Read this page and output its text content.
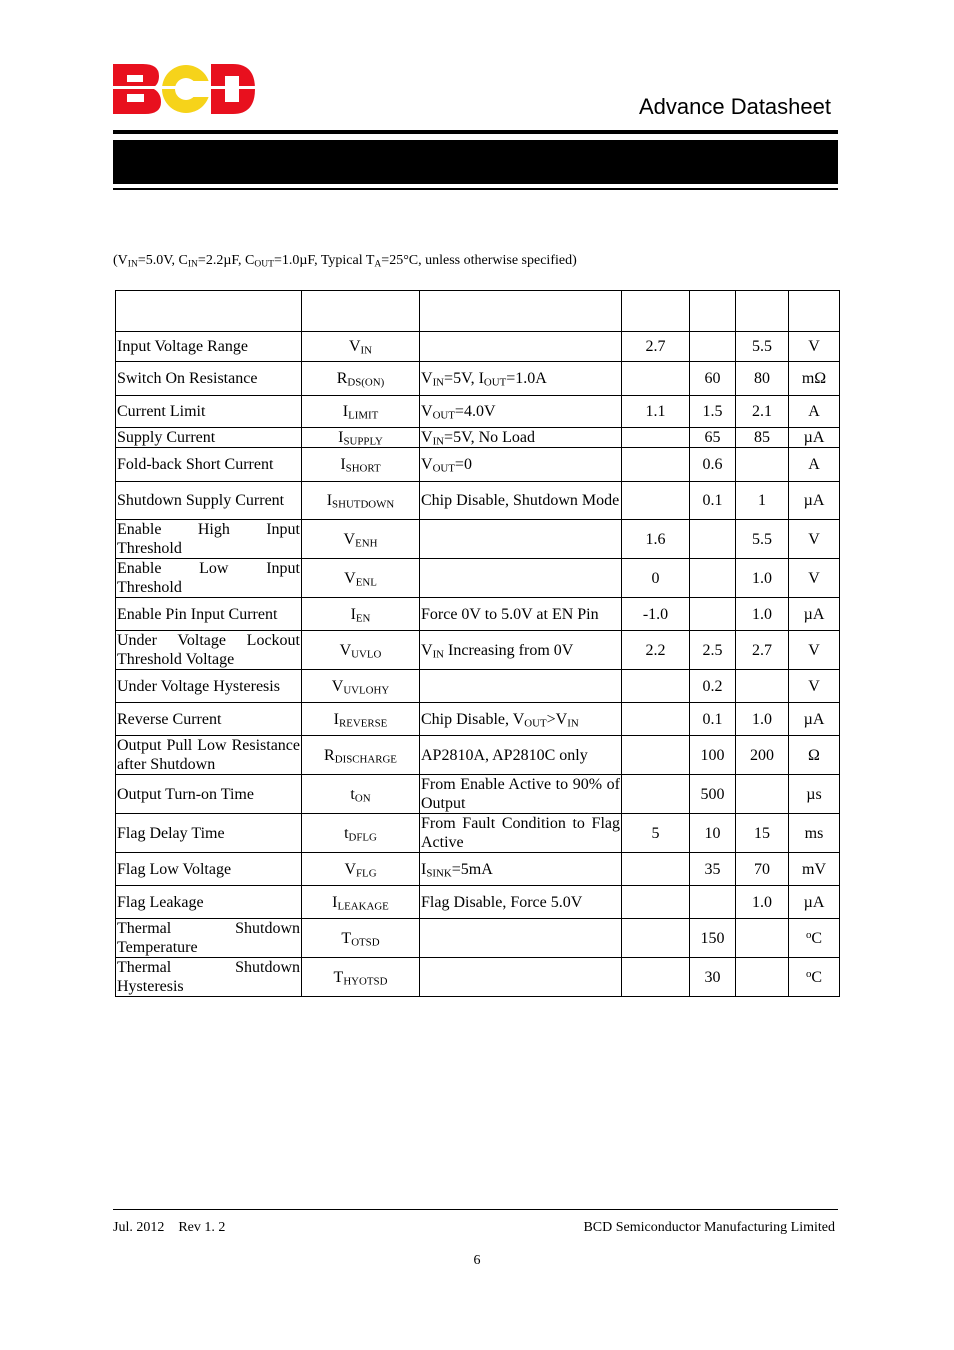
Advance Datasheet
($V_{IN}=5.0V$, $C_{IN}=2.2\mu F$, $C_{OUT}=1.0\mu F$, Typical $T_A=25^\circ C$, unless otherwise specified)

Input Voltage Range	$V_{IN}$		2.7		5.5	V
Switch On Resistance	$R_{DS(ON)}$	$V_{IN}=5V$, $I_{OUT}=1.0A$		60	80	mΩ
Current Limit	$I_{LIMIT}$	$V_{OUT}=4.0V$	1.1	1.5	2.1	A
Supply Current	$I_{SUPPLY}$	$V_{IN}=5V$, No Load		65	85	µA
Fold-back Short Current	$I_{SHORT}$	$V_{OUT}=0$		0.6		A
Shutdown Supply Current	$I_{SHUTDOWN}$	Chip Disable, Shutdown Mode		0.1	1	µA
Enable High Input Threshold	$V_{ENH}$		1.6		5.5	V
Enable Low Input Threshold	$V_{ENL}$		0		1.0	V
Enable Pin Input Current	$I_{EN}$	Force 0V to 5.0V at EN Pin	-1.0		1.0	µA
Under Voltage Lockout Threshold Voltage	$V_{UVLO}$	$V_{IN}$ Increasing from 0V	2.2	2.5	2.7	V
Under Voltage Hysteresis	$V_{UVLOHY}$			0.2		V
Reverse Current	$I_{REVERSE}$	Chip Disable, $V_{OUT}>V_{IN}$		0.1	1.0	µA
Output Pull Low Resistance after Shutdown	$R_{DISCHARGE}$	AP2810A, AP2810C only		100	200	Ω
Output Turn-on Time	$t_{ON}$	From Enable Active to 90% of Output		500		µs
Flag Delay Time	$t_{DFLG}$	From Fault Condition to Flag Active	5	10	15	ms
Flag Low Voltage	$V_{FLG}$	$I_{SINK}=5mA$		35	70	mV
Flag Leakage	$I_{LEAKAGE}$	Flag Disable, Force 5.0V			1.0	µA
Thermal Shutdown Temperature	$T_{OTSD}$			150		$^o$C
Thermal Shutdown Hysteresis	$T_{HYOTSD}$			30		$^o$C
Jul. 2012 Rev 1. 2	BCD Semiconductor Manufacturing Limited
6
